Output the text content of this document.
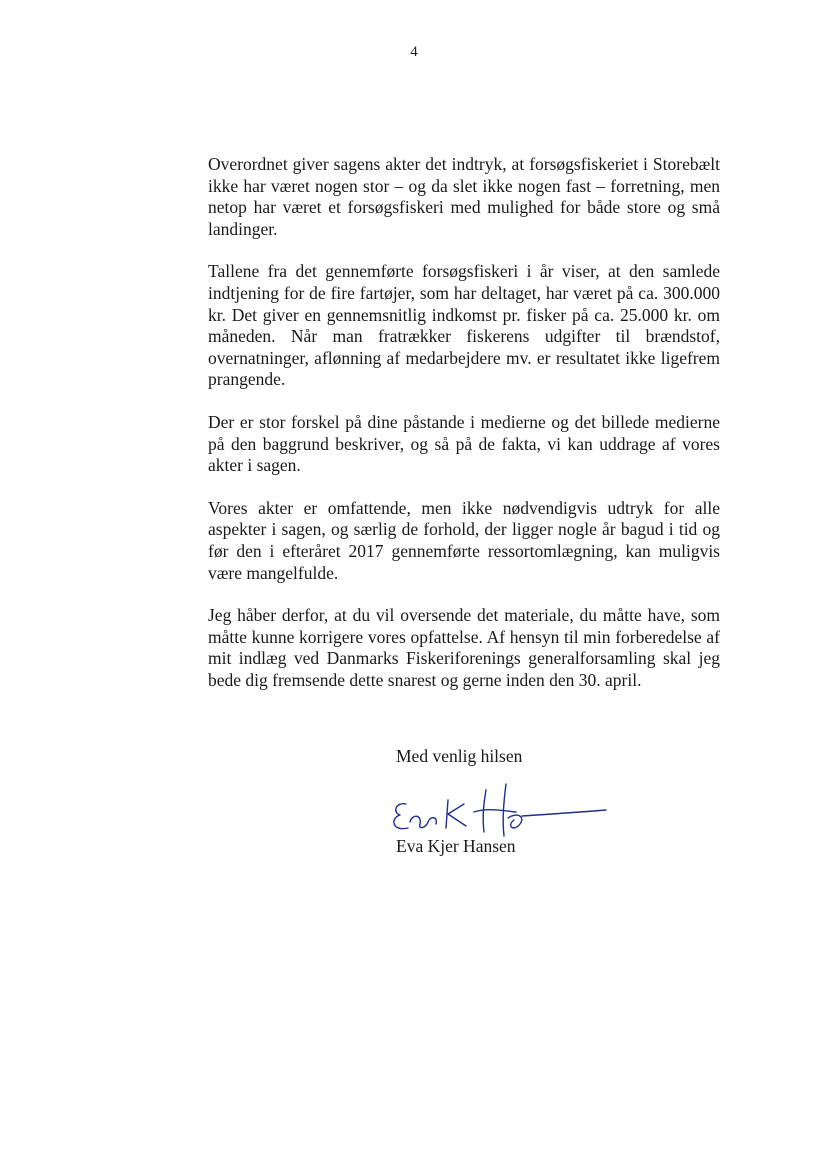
4

Overordnet giver sagens akter det indtryk, at forsøgsfiskeriet i Storebælt ikke har været nogen stor – og da slet ikke nogen fast – forretning, men netop har været et forsøgsfiskeri med mulighed for både store og små landinger.

Tallene fra det gennemførte forsøgsfiskeri i år viser, at den samlede indtjening for de fire fartøjer, som har deltaget, har været på ca. 300.000 kr. Det giver en gennemsnitlig indkomst pr. fisker på ca. 25.000 kr. om måneden. Når man fratrækker fiskerens udgifter til brændstof, overnatninger, aflønning af medarbejdere mv. er resultatet ikke ligefrem prangende.

Der er stor forskel på dine påstande i medierne og det billede medierne på den baggrund beskriver, og så på de fakta, vi kan uddrage af vores akter i sagen.

Vores akter er omfattende, men ikke nødvendigvis udtryk for alle aspekter i sagen, og særlig de forhold, der ligger nogle år bagud i tid og før den i efteråret 2017 gennemførte ressortomlægning, kan muligvis være mangelfulde.

Jeg håber derfor, at du vil oversende det materiale, du måtte have, som måtte kunne korrigere vores opfattelse. Af hensyn til min forberedelse af mit indlæg ved Danmarks Fiskeriforenings generalforsamling skal jeg bede dig fremsende dette snarest og gerne inden den 30. april.

Med venlig hilsen
Eva Kjer Hansen
